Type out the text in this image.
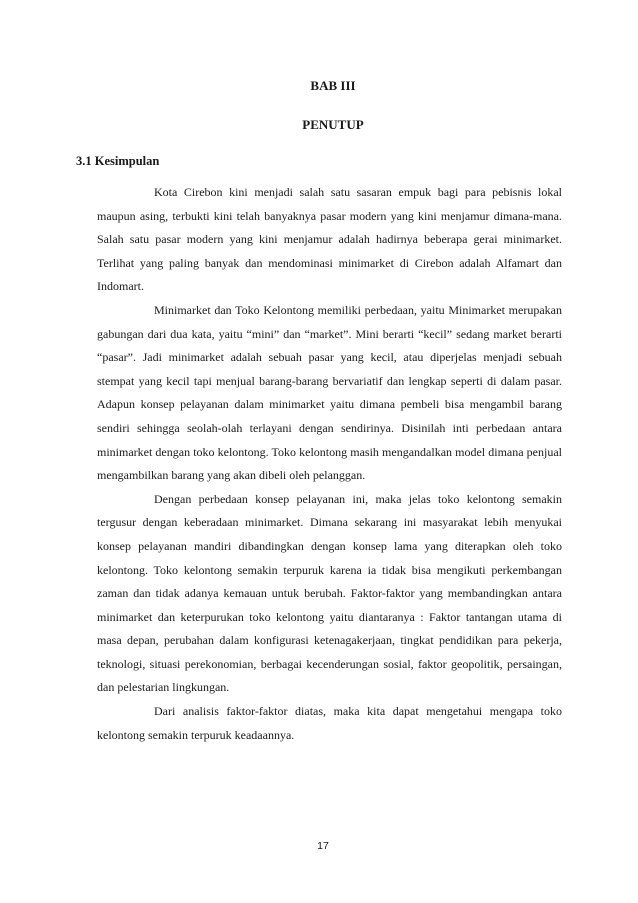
BAB III
PENUTUP
3.1 Kesimpulan

Kota Cirebon kini menjadi salah satu sasaran empuk bagi para pebisnis lokal maupun asing, terbukti kini telah banyaknya pasar modern yang kini menjamur dimana-mana. Salah satu pasar modern yang kini menjamur adalah hadirnya beberapa gerai minimarket. Terlihat yang paling banyak dan mendominasi minimarket di Cirebon adalah Alfamart dan Indomart.

Minimarket dan Toko Kelontong memiliki perbedaan, yaitu Minimarket merupakan gabungan dari dua kata, yaitu “mini” dan “market”. Mini berarti “kecil” sedang market berarti “pasar”. Jadi minimarket adalah sebuah pasar yang kecil, atau diperjelas menjadi sebuah stempat yang kecil tapi menjual barang-barang bervariatif dan lengkap seperti di dalam pasar. Adapun konsep pelayanan dalam minimarket yaitu dimana pembeli bisa mengambil barang sendiri sehingga seolah-olah terlayani dengan sendirinya. Disinilah inti perbedaan antara minimarket dengan toko kelontong. Toko kelontong masih mengandalkan model dimana penjual mengambilkan barang yang akan dibeli oleh pelanggan.

Dengan perbedaan konsep pelayanan ini, maka jelas toko kelontong semakin tergusur dengan keberadaan minimarket. Dimana sekarang ini masyarakat lebih menyukai konsep pelayanan mandiri dibandingkan dengan konsep lama yang diterapkan oleh toko kelontong. Toko kelontong semakin terpuruk karena ia tidak bisa mengikuti perkembangan zaman dan tidak adanya kemauan untuk berubah. Faktor-faktor yang membandingkan antara minimarket dan keterpurukan toko kelontong yaitu diantaranya : Faktor tantangan utama di masa depan, perubahan dalam konfigurasi ketenagakerjaan, tingkat pendidikan para pekerja, teknologi, situasi perekonomian, berbagai kecenderungan sosial, faktor geopolitik, persaingan, dan pelestarian lingkungan.

Dari analisis faktor-faktor diatas, maka kita dapat mengetahui mengapa toko kelontong semakin terpuruk keadaannya.

17
